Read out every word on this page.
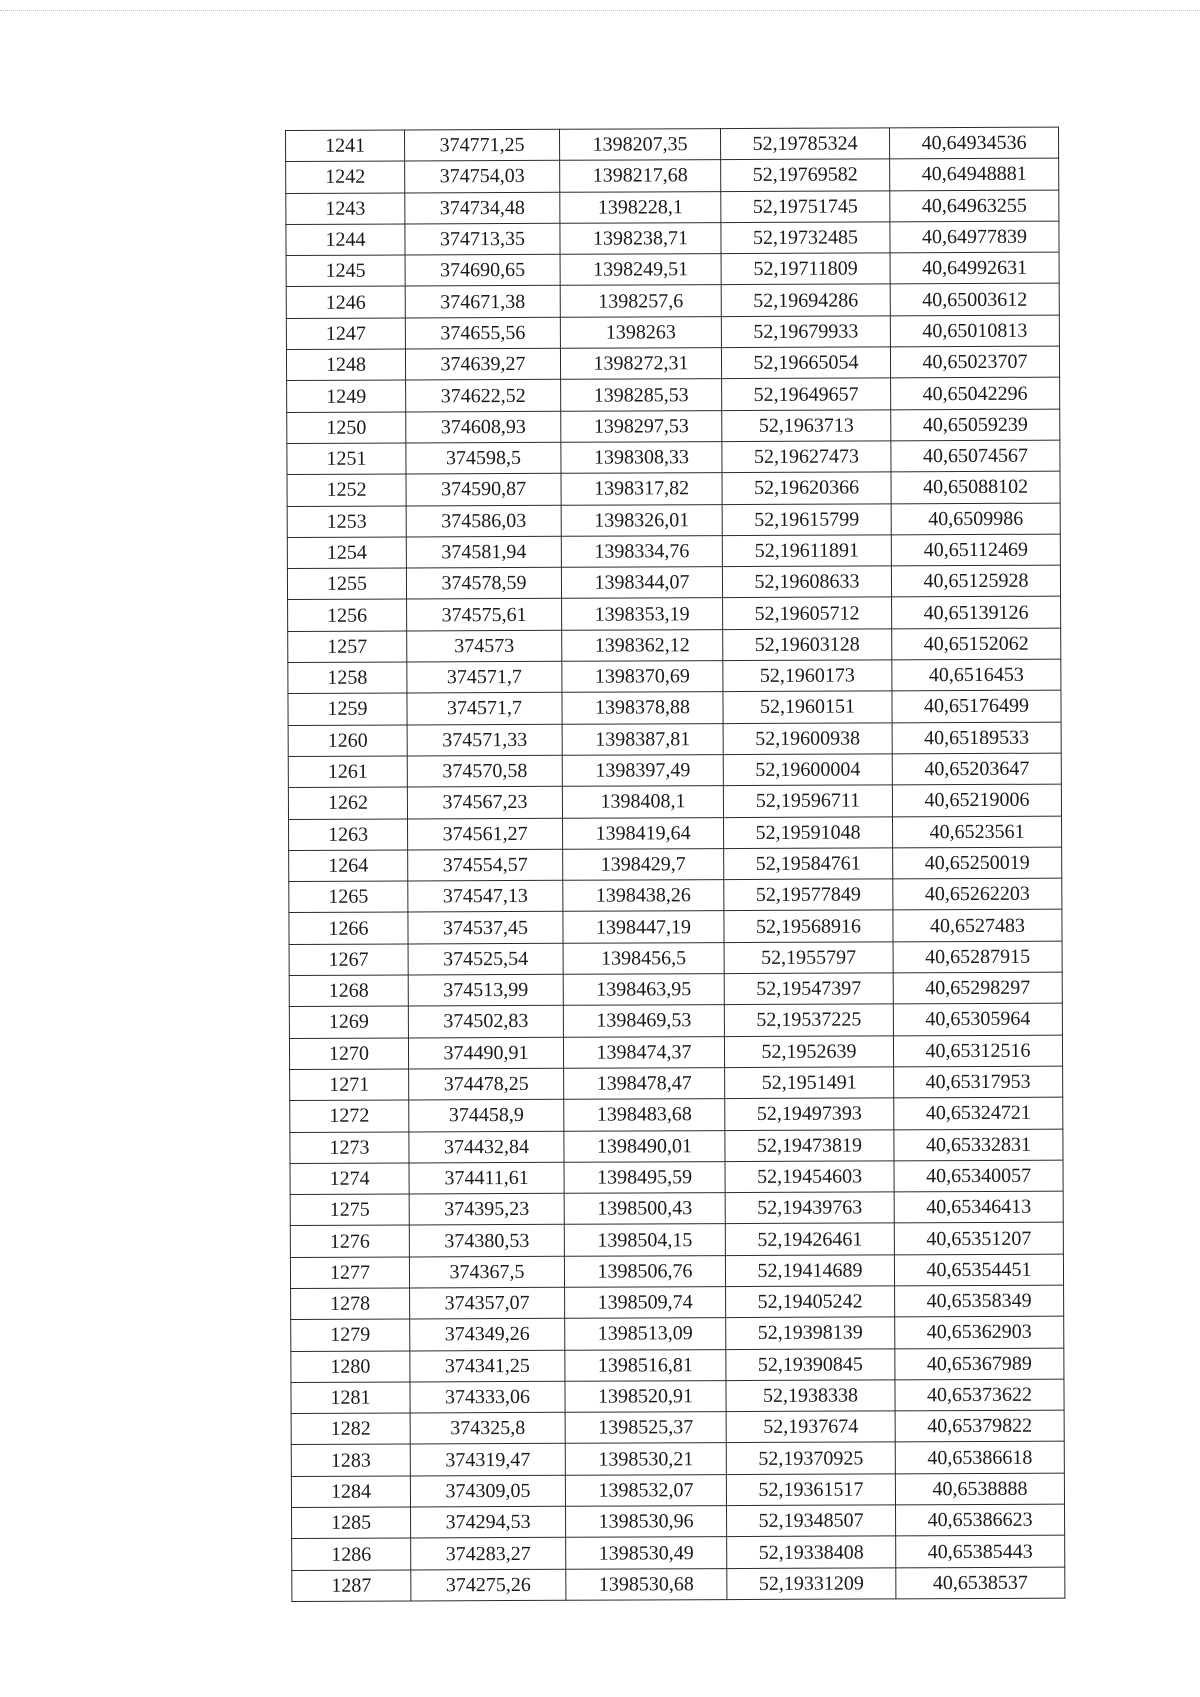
1241	374771,25	1398207,35	52,19785324	40,64934536
1242	374754,03	1398217,68	52,19769582	40,64948881
1243	374734,48	1398228,1	52,19751745	40,64963255
1244	374713,35	1398238,71	52,19732485	40,64977839
1245	374690,65	1398249,51	52,19711809	40,64992631
1246	374671,38	1398257,6	52,19694286	40,65003612
1247	374655,56	1398263	52,19679933	40,65010813
1248	374639,27	1398272,31	52,19665054	40,65023707
1249	374622,52	1398285,53	52,19649657	40,65042296
1250	374608,93	1398297,53	52,1963713	40,65059239
1251	374598,5	1398308,33	52,19627473	40,65074567
1252	374590,87	1398317,82	52,19620366	40,65088102
1253	374586,03	1398326,01	52,19615799	40,6509986
1254	374581,94	1398334,76	52,19611891	40,65112469
1255	374578,59	1398344,07	52,19608633	40,65125928
1256	374575,61	1398353,19	52,19605712	40,65139126
1257	374573	1398362,12	52,19603128	40,65152062
1258	374571,7	1398370,69	52,1960173	40,6516453
1259	374571,7	1398378,88	52,1960151	40,65176499
1260	374571,33	1398387,81	52,19600938	40,65189533
1261	374570,58	1398397,49	52,19600004	40,65203647
1262	374567,23	1398408,1	52,19596711	40,65219006
1263	374561,27	1398419,64	52,19591048	40,6523561
1264	374554,57	1398429,7	52,19584761	40,65250019
1265	374547,13	1398438,26	52,19577849	40,65262203
1266	374537,45	1398447,19	52,19568916	40,6527483
1267	374525,54	1398456,5	52,1955797	40,65287915
1268	374513,99	1398463,95	52,19547397	40,65298297
1269	374502,83	1398469,53	52,19537225	40,65305964
1270	374490,91	1398474,37	52,1952639	40,65312516
1271	374478,25	1398478,47	52,1951491	40,65317953
1272	374458,9	1398483,68	52,19497393	40,65324721
1273	374432,84	1398490,01	52,19473819	40,65332831
1274	374411,61	1398495,59	52,19454603	40,65340057
1275	374395,23	1398500,43	52,19439763	40,65346413
1276	374380,53	1398504,15	52,19426461	40,65351207
1277	374367,5	1398506,76	52,19414689	40,65354451
1278	374357,07	1398509,74	52,19405242	40,65358349
1279	374349,26	1398513,09	52,19398139	40,65362903
1280	374341,25	1398516,81	52,19390845	40,65367989
1281	374333,06	1398520,91	52,1938338	40,65373622
1282	374325,8	1398525,37	52,1937674	40,65379822
1283	374319,47	1398530,21	52,19370925	40,65386618
1284	374309,05	1398532,07	52,19361517	40,6538888
1285	374294,53	1398530,96	52,19348507	40,65386623
1286	374283,27	1398530,49	52,19338408	40,65385443
1287	374275,26	1398530,68	52,19331209	40,6538537
